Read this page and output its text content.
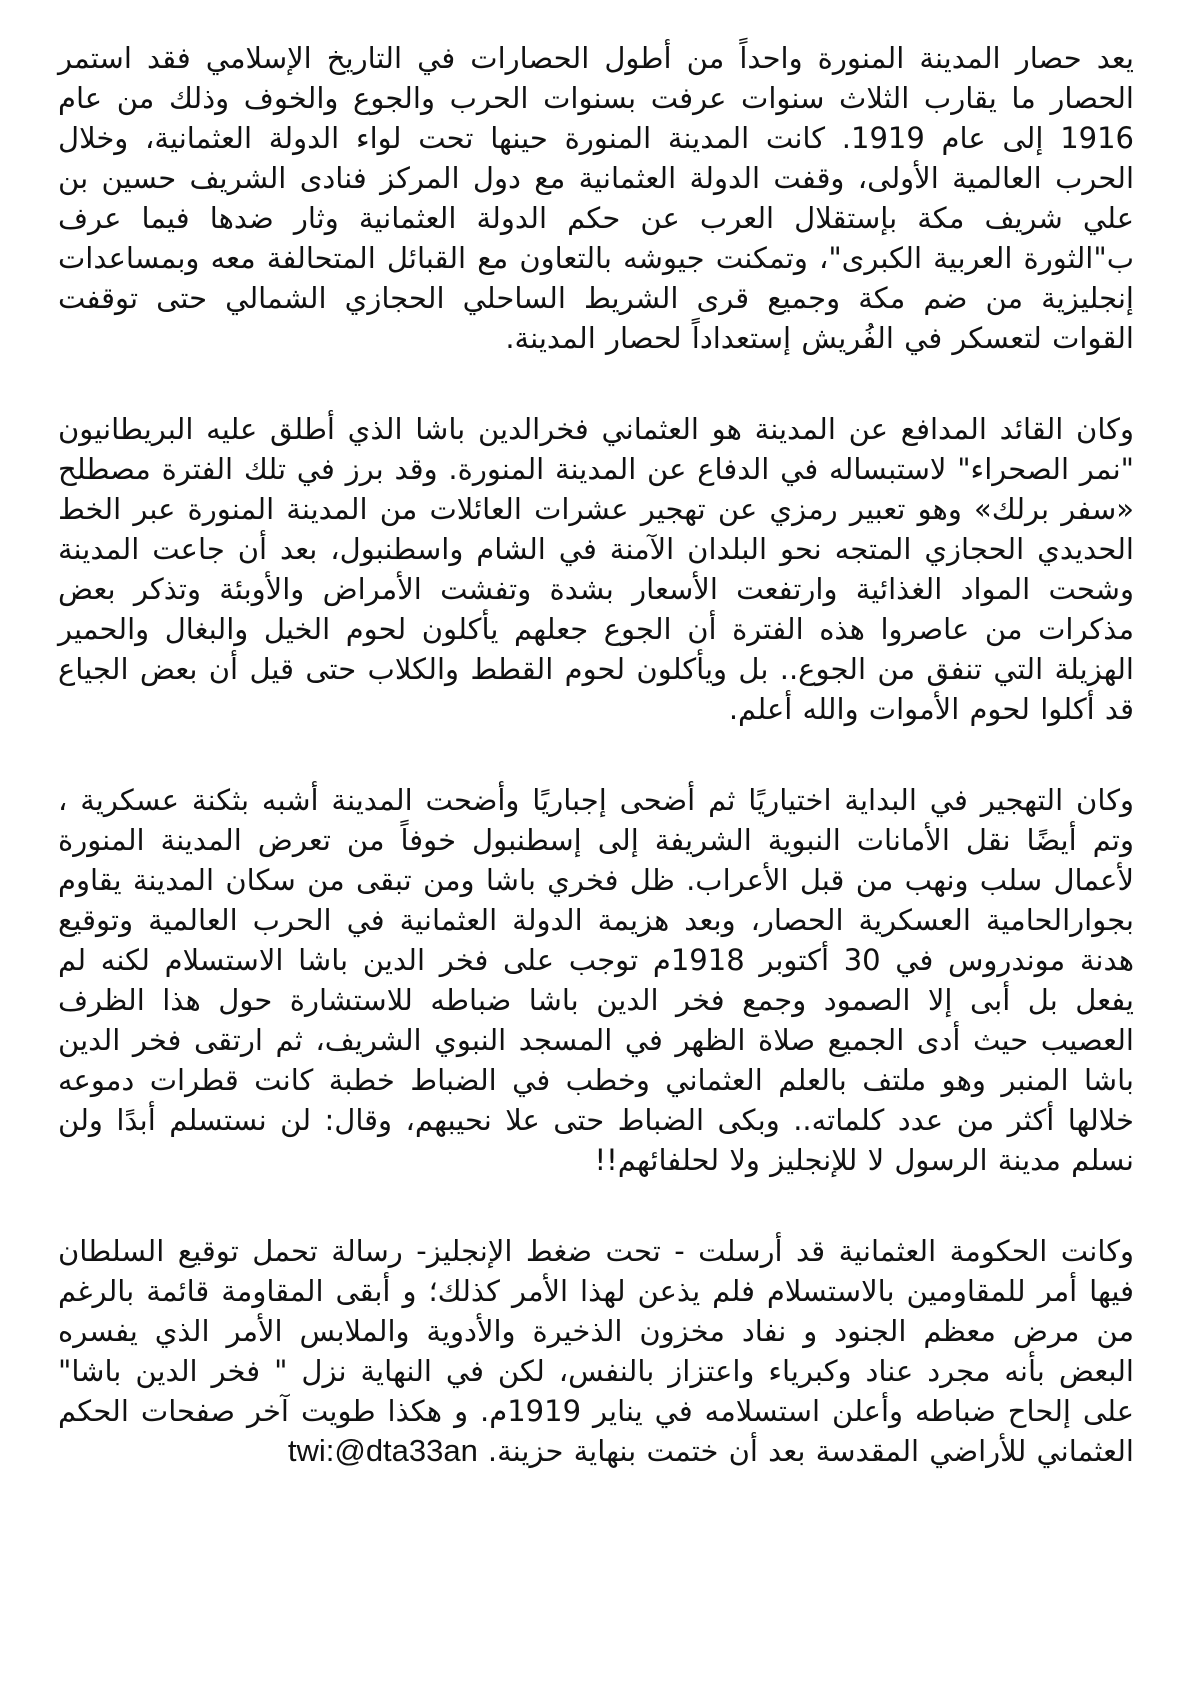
يعد حصار المدينة المنورة واحداً من أطول الحصارات في التاريخ الإسلامي فقد استمر الحصار ما يقارب الثلاث سنوات عرفت بسنوات الحرب والجوع والخوف وذلك من عام 1916 إلى عام 1919. كانت المدينة المنورة حينها تحت لواء الدولة العثمانية، وخلال الحرب العالمية الأولى، وقفت الدولة العثمانية مع دول المركز فنادى الشريف حسين بن علي شريف مكة بإستقلال العرب عن حكم الدولة العثمانية وثار ضدها فيما عرف ب"الثورة العربية الكبرى"، وتمكنت جيوشه بالتعاون مع القبائل المتحالفة معه وبمساعدات إنجليزية من ضم مكة وجميع قرى الشريط الساحلي الحجازي الشمالي حتى توقفت القوات لتعسكر في الفُريش إستعداداً لحصار المدينة.

وكان القائد المدافع عن المدينة هو العثماني فخرالدين باشا الذي أطلق عليه البريطانيون "نمر الصحراء" لاستبساله في الدفاع عن المدينة المنورة. وقد برز في تلك الفترة مصطلح «سفر برلك» وهو تعبير رمزي عن تهجير عشرات العائلات من المدينة المنورة عبر الخط الحديدي الحجازي المتجه نحو البلدان الآمنة في الشام واسطنبول، بعد أن جاعت المدينة وشحت المواد الغذائية وارتفعت الأسعار بشدة وتفشت الأمراض والأوبئة وتذكر بعض مذكرات من عاصروا هذه الفترة أن الجوع جعلهم يأكلون لحوم الخيل والبغال والحمير الهزيلة التي تنفق من الجوع.. بل ويأكلون لحوم القطط والكلاب حتى قيل أن بعض الجياع قد أكلوا لحوم الأموات والله أعلم.

وكان التهجير في البداية اختياريًا ثم أضحى إجباريًا وأضحت المدينة أشبه بثكنة عسكرية ، وتم أيضًا نقل الأمانات النبوية الشريفة إلى إسطنبول خوفاً من تعرض المدينة المنورة لأعمال سلب ونهب من قبل الأعراب. ظل فخري باشا ومن تبقى من سكان المدينة يقاوم بجوارالحامية العسكرية الحصار، وبعد هزيمة الدولة العثمانية في الحرب العالمية وتوقيع هدنة موندروس في 30 أكتوبر 1918م توجب على فخر الدين باشا الاستسلام لكنه لم يفعل بل أبى إلا الصمود وجمع فخر الدين باشا ضباطه للاستشارة حول هذا الظرف العصيب حيث أدى الجميع صلاة الظهر في المسجد النبوي الشريف، ثم ارتقى فخر الدين باشا المنبر وهو ملتف بالعلم العثماني وخطب في الضباط خطبة كانت قطرات دموعه خلالها أكثر من عدد كلماته.. وبكى الضباط حتى علا نحيبهم، وقال: لن نستسلم أبدًا ولن نسلم مدينة الرسول لا للإنجليز ولا لحلفائهم!!

وكانت الحكومة العثمانية قد أرسلت - تحت ضغط الإنجليز- رسالة تحمل توقيع السلطان فيها أمر للمقاومين بالاستسلام فلم يذعن لهذا الأمر كذلك؛ و أبقى المقاومة قائمة بالرغم من مرض معظم الجنود و نفاد مخزون الذخيرة والأدوية والملابس الأمر الذي يفسره البعض بأنه مجرد عناد وكبرياء واعتزاز بالنفس، لكن في النهاية نزل " فخر الدين باشا" على إلحاح ضباطه وأعلن استسلامه في يناير 1919م. و هكذا طويت آخر صفحات الحكم العثماني للأراضي المقدسة بعد أن ختمت بنهاية حزينة.twi:@dta33an
